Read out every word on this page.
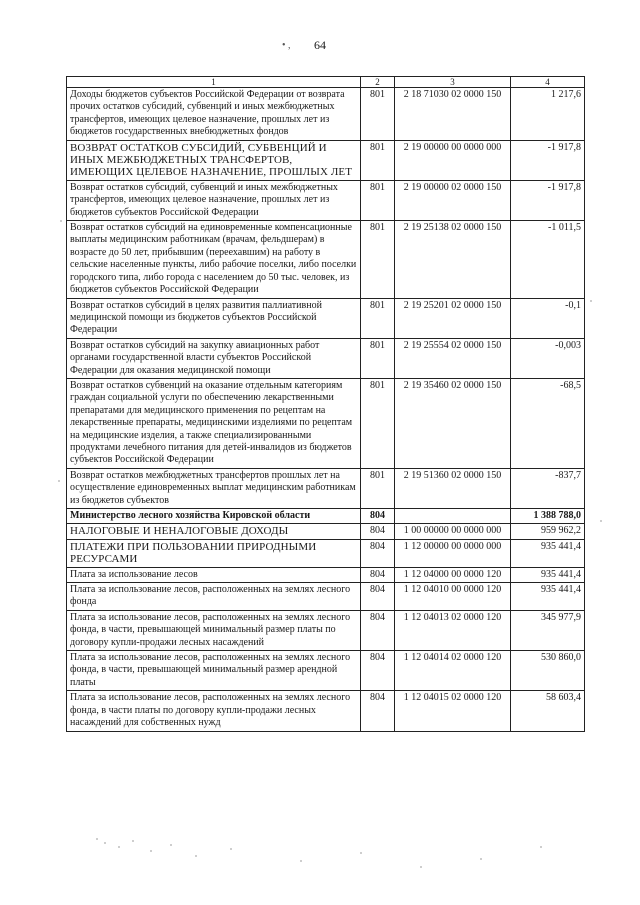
64
• ,
1	2	3	4
Доходы бюджетов субъектов Российской Федерации от возврата прочих остатков субсидий, субвенций и иных межбюджетных трансфертов, имеющих целевое назначение, прошлых лет из бюджетов государственных внебюджетных фондов	801	2 18 71030 02 0000 150	1 217,6
ВОЗВРАТ ОСТАТКОВ СУБСИДИЙ, СУБВЕНЦИЙ И ИНЫХ МЕЖБЮДЖЕТНЫХ ТРАНСФЕРТОВ, ИМЕЮЩИХ ЦЕЛЕВОЕ НАЗНАЧЕНИЕ, ПРОШЛЫХ ЛЕТ	801	2 19 00000 00 0000 000	-1 917,8
Возврат остатков субсидий, субвенций и иных межбюджетных трансфертов, имеющих целевое назначение, прошлых лет из бюджетов субъектов Российской Федерации	801	2 19 00000 02 0000 150	-1 917,8
Возврат остатков субсидий на единовременные компенсационные выплаты медицинским работникам (врачам, фельдшерам) в возрасте до 50 лет, прибывшим (переехавшим) на работу в сельские населенные пункты, либо рабочие поселки, либо поселки городского типа, либо города с населением до 50 тыс. человек, из бюджетов субъектов Российской Федерации	801	2 19 25138 02 0000 150	-1 011,5
Возврат остатков субсидий в целях развития паллиативной медицинской помощи из бюджетов субъектов Российской Федерации	801	2 19 25201 02 0000 150	-0,1
Возврат остатков субсидий на закупку авиационных работ органами государственной власти субъектов Российской Федерации для оказания медицинской помощи	801	2 19 25554 02 0000 150	-0,003
Возврат остатков субвенций на оказание отдельным категориям граждан социальной услуги по обеспечению лекарственными препаратами для медицинского применения по рецептам на лекарственные препараты, медицинскими изделиями по рецептам на медицинские изделия, а также специализированными продуктами лечебного питания для детей-инвалидов из бюджетов субъектов Российской Федерации	801	2 19 35460 02 0000 150	-68,5
Возврат остатков межбюджетных трансфертов прошлых лет на осуществление единовременных выплат медицинским работникам из бюджетов субъектов	801	2 19 51360 02 0000 150	-837,7
Министерство лесного хозяйства Кировской области	804		1 388 788,0
НАЛОГОВЫЕ И НЕНАЛОГОВЫЕ ДОХОДЫ	804	1 00 00000 00 0000 000	959 962,2
ПЛАТЕЖИ ПРИ ПОЛЬЗОВАНИИ ПРИРОДНЫМИ РЕСУРСАМИ	804	1 12 00000 00 0000 000	935 441,4
Плата за использование лесов	804	1 12 04000 00 0000 120	935 441,4
Плата за использование лесов, расположенных на землях лесного фонда	804	1 12 04010 00 0000 120	935 441,4
Плата за использование лесов, расположенных на землях лесного фонда, в части, превышающей минимальный размер платы по договору купли-продажи лесных насаждений	804	1 12 04013 02 0000 120	345 977,9
Плата за использование лесов, расположенных на землях лесного фонда, в части, превышающей минимальный размер арендной платы	804	1 12 04014 02 0000 120	530 860,0
Плата за использование лесов, расположенных на землях лесного фонда, в части платы по договору купли-продажи лесных насаждений для собственных нужд	804	1 12 04015 02 0000 120	58 603,4
